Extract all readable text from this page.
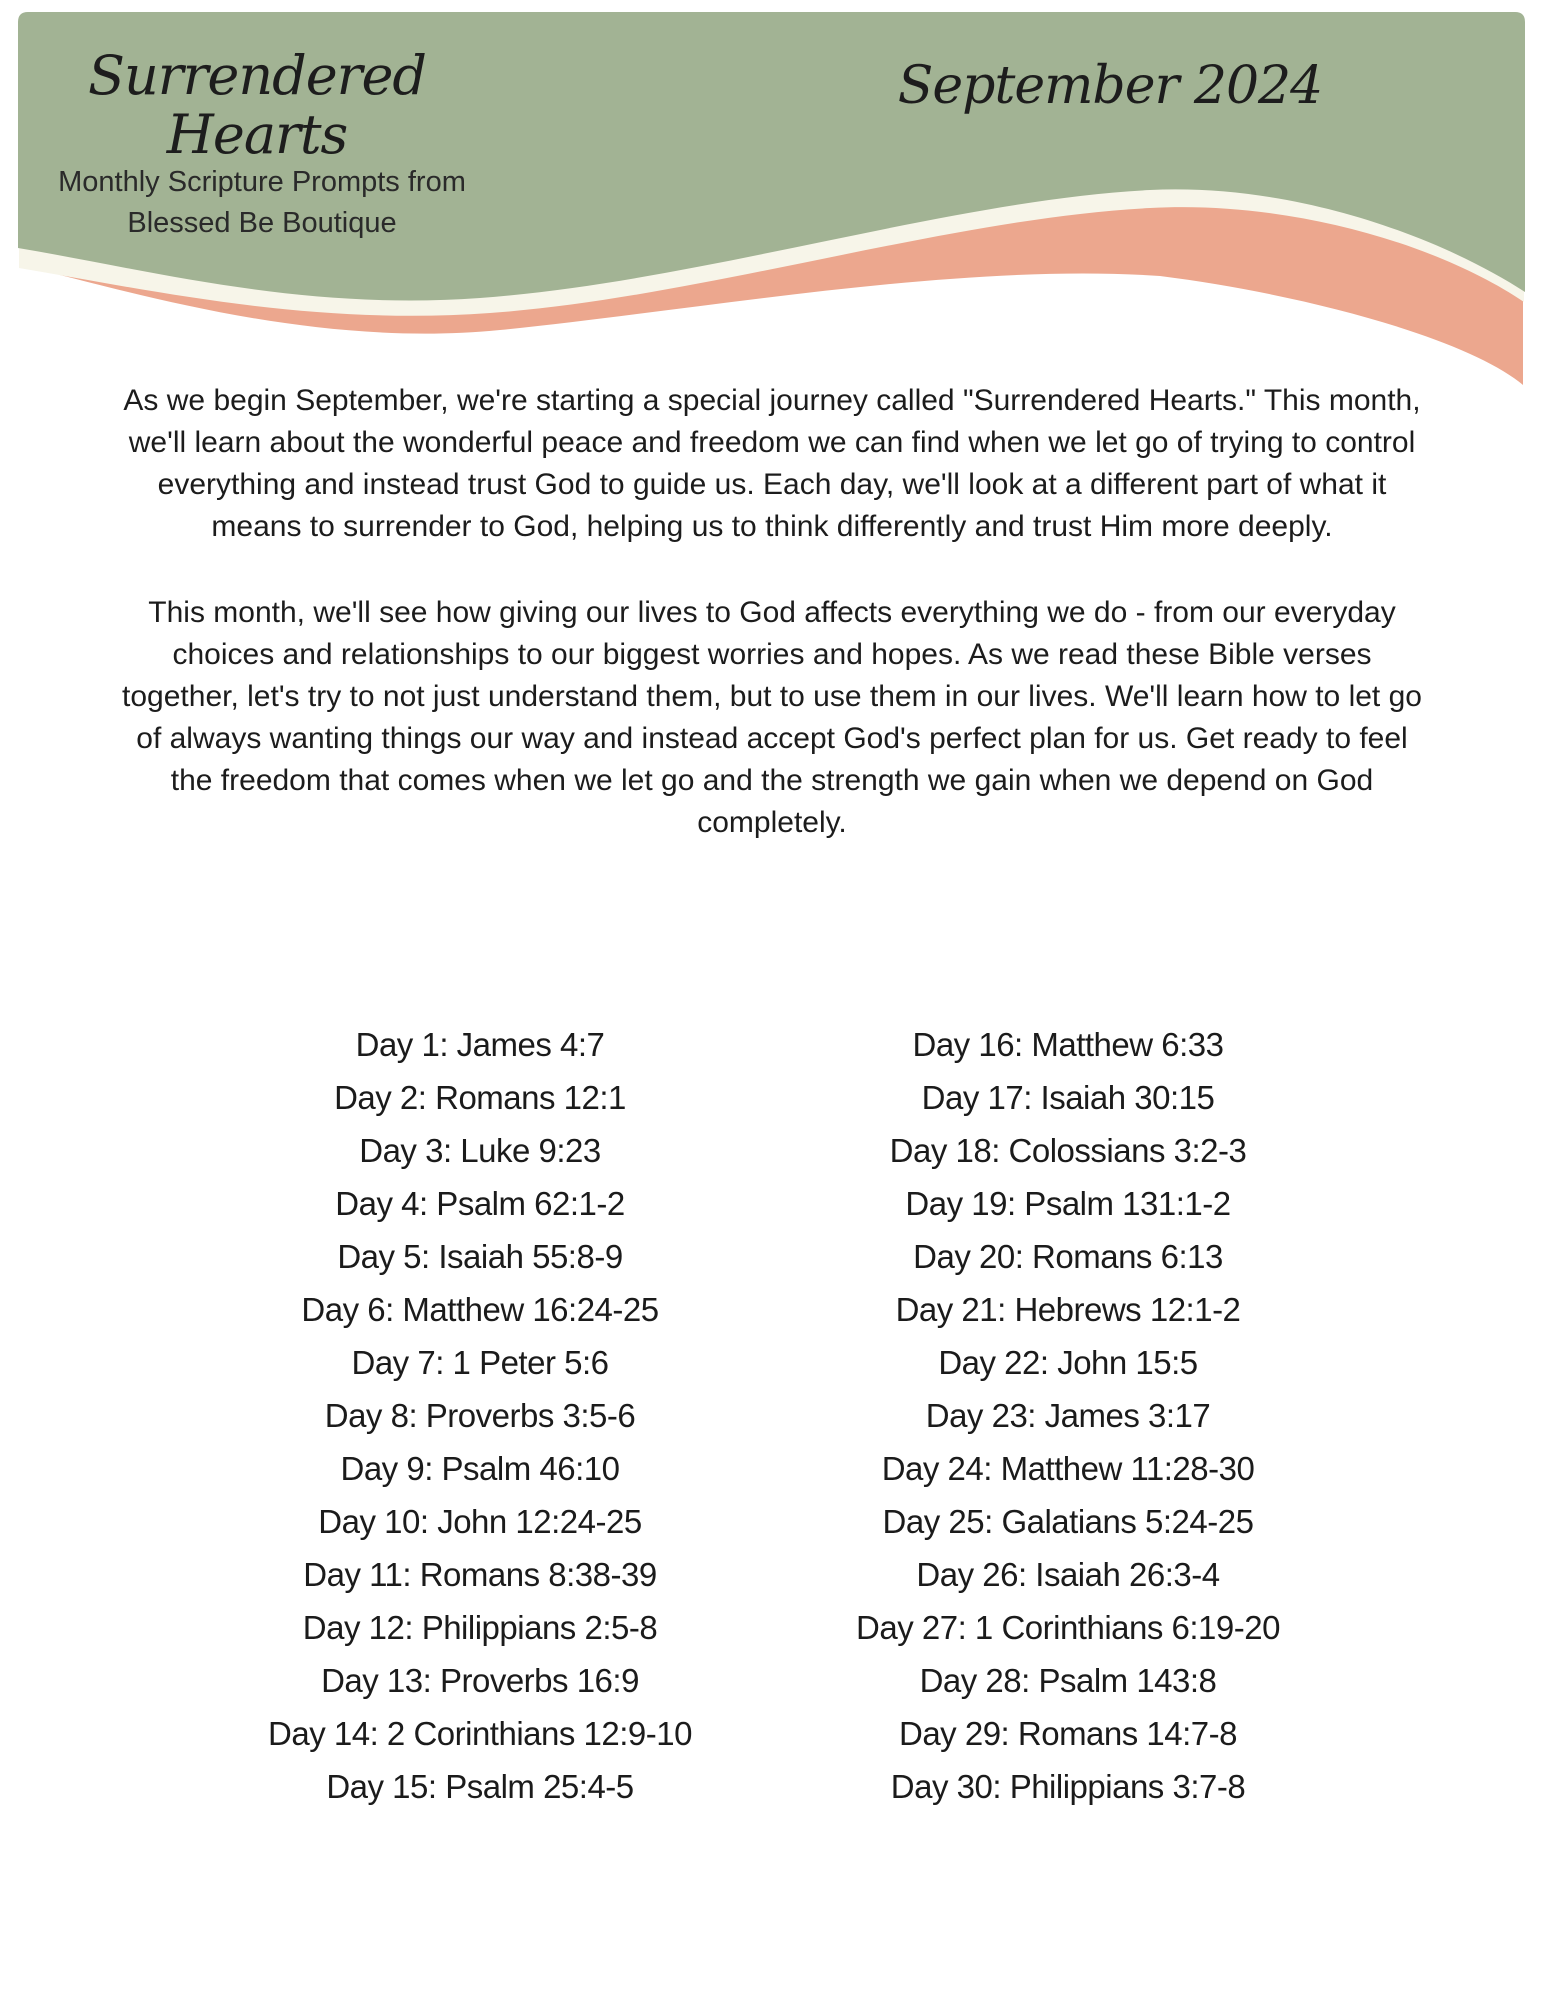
Surrendered Hearts
Monthly Scripture Prompts from Blessed Be Boutique
September 2024

As we begin September, we're starting a special journey called "Surrendered Hearts." This month, we'll learn about the wonderful peace and freedom we can find when we let go of trying to control everything and instead trust God to guide us. Each day, we'll look at a different part of what it means to surrender to God, helping us to think differently and trust Him more deeply.

This month, we'll see how giving our lives to God affects everything we do - from our everyday choices and relationships to our biggest worries and hopes. As we read these Bible verses together, let's try to not just understand them, but to use them in our lives. We'll learn how to let go of always wanting things our way and instead accept God's perfect plan for us. Get ready to feel the freedom that comes when we let go and the strength we gain when we depend on God completely.

Day 1: James 4:7
Day 2: Romans 12:1
Day 3: Luke 9:23
Day 4: Psalm 62:1-2
Day 5: Isaiah 55:8-9
Day 6: Matthew 16:24-25
Day 7: 1 Peter 5:6
Day 8: Proverbs 3:5-6
Day 9: Psalm 46:10
Day 10: John 12:24-25
Day 11: Romans 8:38-39
Day 12: Philippians 2:5-8
Day 13: Proverbs 16:9
Day 14: 2 Corinthians 12:9-10
Day 15: Psalm 25:4-5
Day 16: Matthew 6:33
Day 17: Isaiah 30:15
Day 18: Colossians 3:2-3
Day 19: Psalm 131:1-2
Day 20: Romans 6:13
Day 21: Hebrews 12:1-2
Day 22: John 15:5
Day 23: James 3:17
Day 24: Matthew 11:28-30
Day 25: Galatians 5:24-25
Day 26: Isaiah 26:3-4
Day 27: 1 Corinthians 6:19-20
Day 28: Psalm 143:8
Day 29: Romans 14:7-8
Day 30: Philippians 3:7-8
